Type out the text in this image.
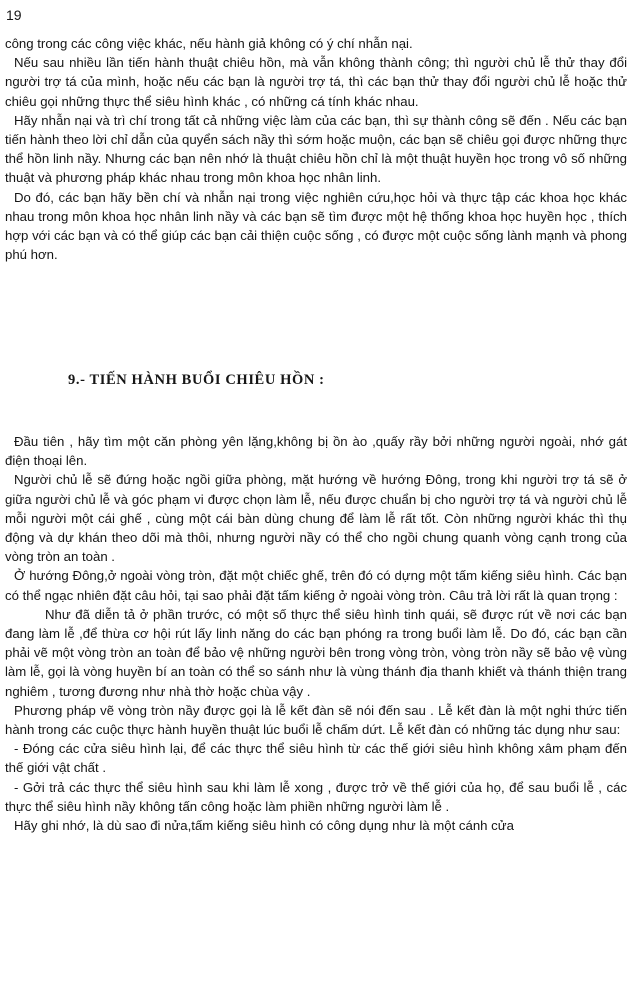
19

công trong các công việc khác, nếu hành giả không có ý chí nhẫn nại.

Nếu sau nhiều lần tiến hành thuật chiêu hồn, mà vẫn không thành công; thì người chủ lễ thử thay đổi người trợ tá của mình, hoặc nếu các bạn là người trợ tá, thì các bạn thử thay đổi người chủ lễ hoặc thử chiêu gọi những thực thể siêu hình khác , có những cá tính khác nhau.

Hãy nhẫn nại và trì chí trong tất cả những việc làm của các bạn, thì sự thành công sẽ đến . Nếu các bạn tiến hành theo lời chỉ dẫn của quyển sách nầy thì sớm hoặc muộn, các bạn sẽ chiêu gọi được những thực thể hồn linh nầy. Nhưng các bạn nên nhớ là thuật chiêu hồn chỉ là một thuật huyền học trong vô số những thuật và phương pháp khác nhau trong môn khoa học nhân linh.

Do đó, các bạn hãy bền chí và nhẫn nại trong việc nghiên cứu,học hỏi và thực tập các khoa học khác nhau trong môn khoa học nhân linh nầy và các bạn sẽ tìm được một hệ thống khoa học huyền học , thích hợp với các bạn và có thể giúp các bạn cải thiện cuộc sống , có được một cuộc sống lành mạnh và phong phú hơn.

9.- TIẾN HÀNH BUỔI CHIÊU HỒN :

Đầu tiên , hãy tìm một căn phòng yên lặng,không bị ồn ào ,quấy rầy bởi những người ngoài, nhớ gát điện thoại lên.

Người chủ lễ sẽ đứng hoặc ngồi giữa phòng, mặt hướng về hướng Đông, trong khi người trợ tá sẽ ở giữa người chủ lễ và góc phạm vi được chọn làm lễ, nếu được chuẩn bị cho người trợ tá và người chủ lễ mỗi người một cái ghế , cùng một cái bàn dùng chung để làm lễ rất tốt. Còn những người khác thì thụ động và dự khán theo dõi mà thôi, nhưng người nầy có thể cho ngồi chung quanh vòng cạnh trong của vòng tròn an toàn .

Ở hướng Đông,ở ngoài vòng tròn, đặt một chiếc ghế, trên đó có dựng một tấm kiếng siêu hình. Các bạn có thể ngạc nhiên đặt câu hỏi, tại sao phải đặt tấm kiếng ở ngoài vòng tròn. Câu trả lời rất là quan trọng :

Như đã diễn tả ở phần trước, có một số thực thể siêu hình tinh quái, sẽ được rút về nơi các bạn đang làm lễ ,để thừa cơ hội rút lấy linh năng do các bạn phóng ra trong buổi làm lễ. Do đó, các bạn cần phải vẽ một vòng tròn an toàn để bảo vệ những người bên trong vòng tròn, vòng tròn nầy sẽ bảo vệ vùng làm lễ, gọi là vòng huyền bí an toàn có thể so sánh như là vùng thánh địa thanh khiết và thánh thiện trang nghiêm , tương đương như nhà thờ hoặc chùa vậy .

Phương pháp vẽ vòng tròn nầy được gọi là lễ kết đàn sẽ nói đến sau . Lễ kết đàn là một nghi thức tiến hành trong các cuộc thực hành huyền thuật lúc buổi lễ chấm dứt. Lễ kết đàn có những tác dụng như sau:

- Đóng các cửa siêu hình lại, để các thực thể siêu hình từ các thế giới siêu hình không xâm phạm đến thế giới vật chất .

- Gởi trả các thực thể siêu hình sau khi làm lễ xong , được trở về thế giới của họ, để sau buổi lễ , các thực thể siêu hình nầy không tấn công hoặc làm phiền những người làm lễ .

Hãy ghi nhớ, là dù sao đi nửa,tấm kiếng siêu hình có công dụng như là một cánh cửa
